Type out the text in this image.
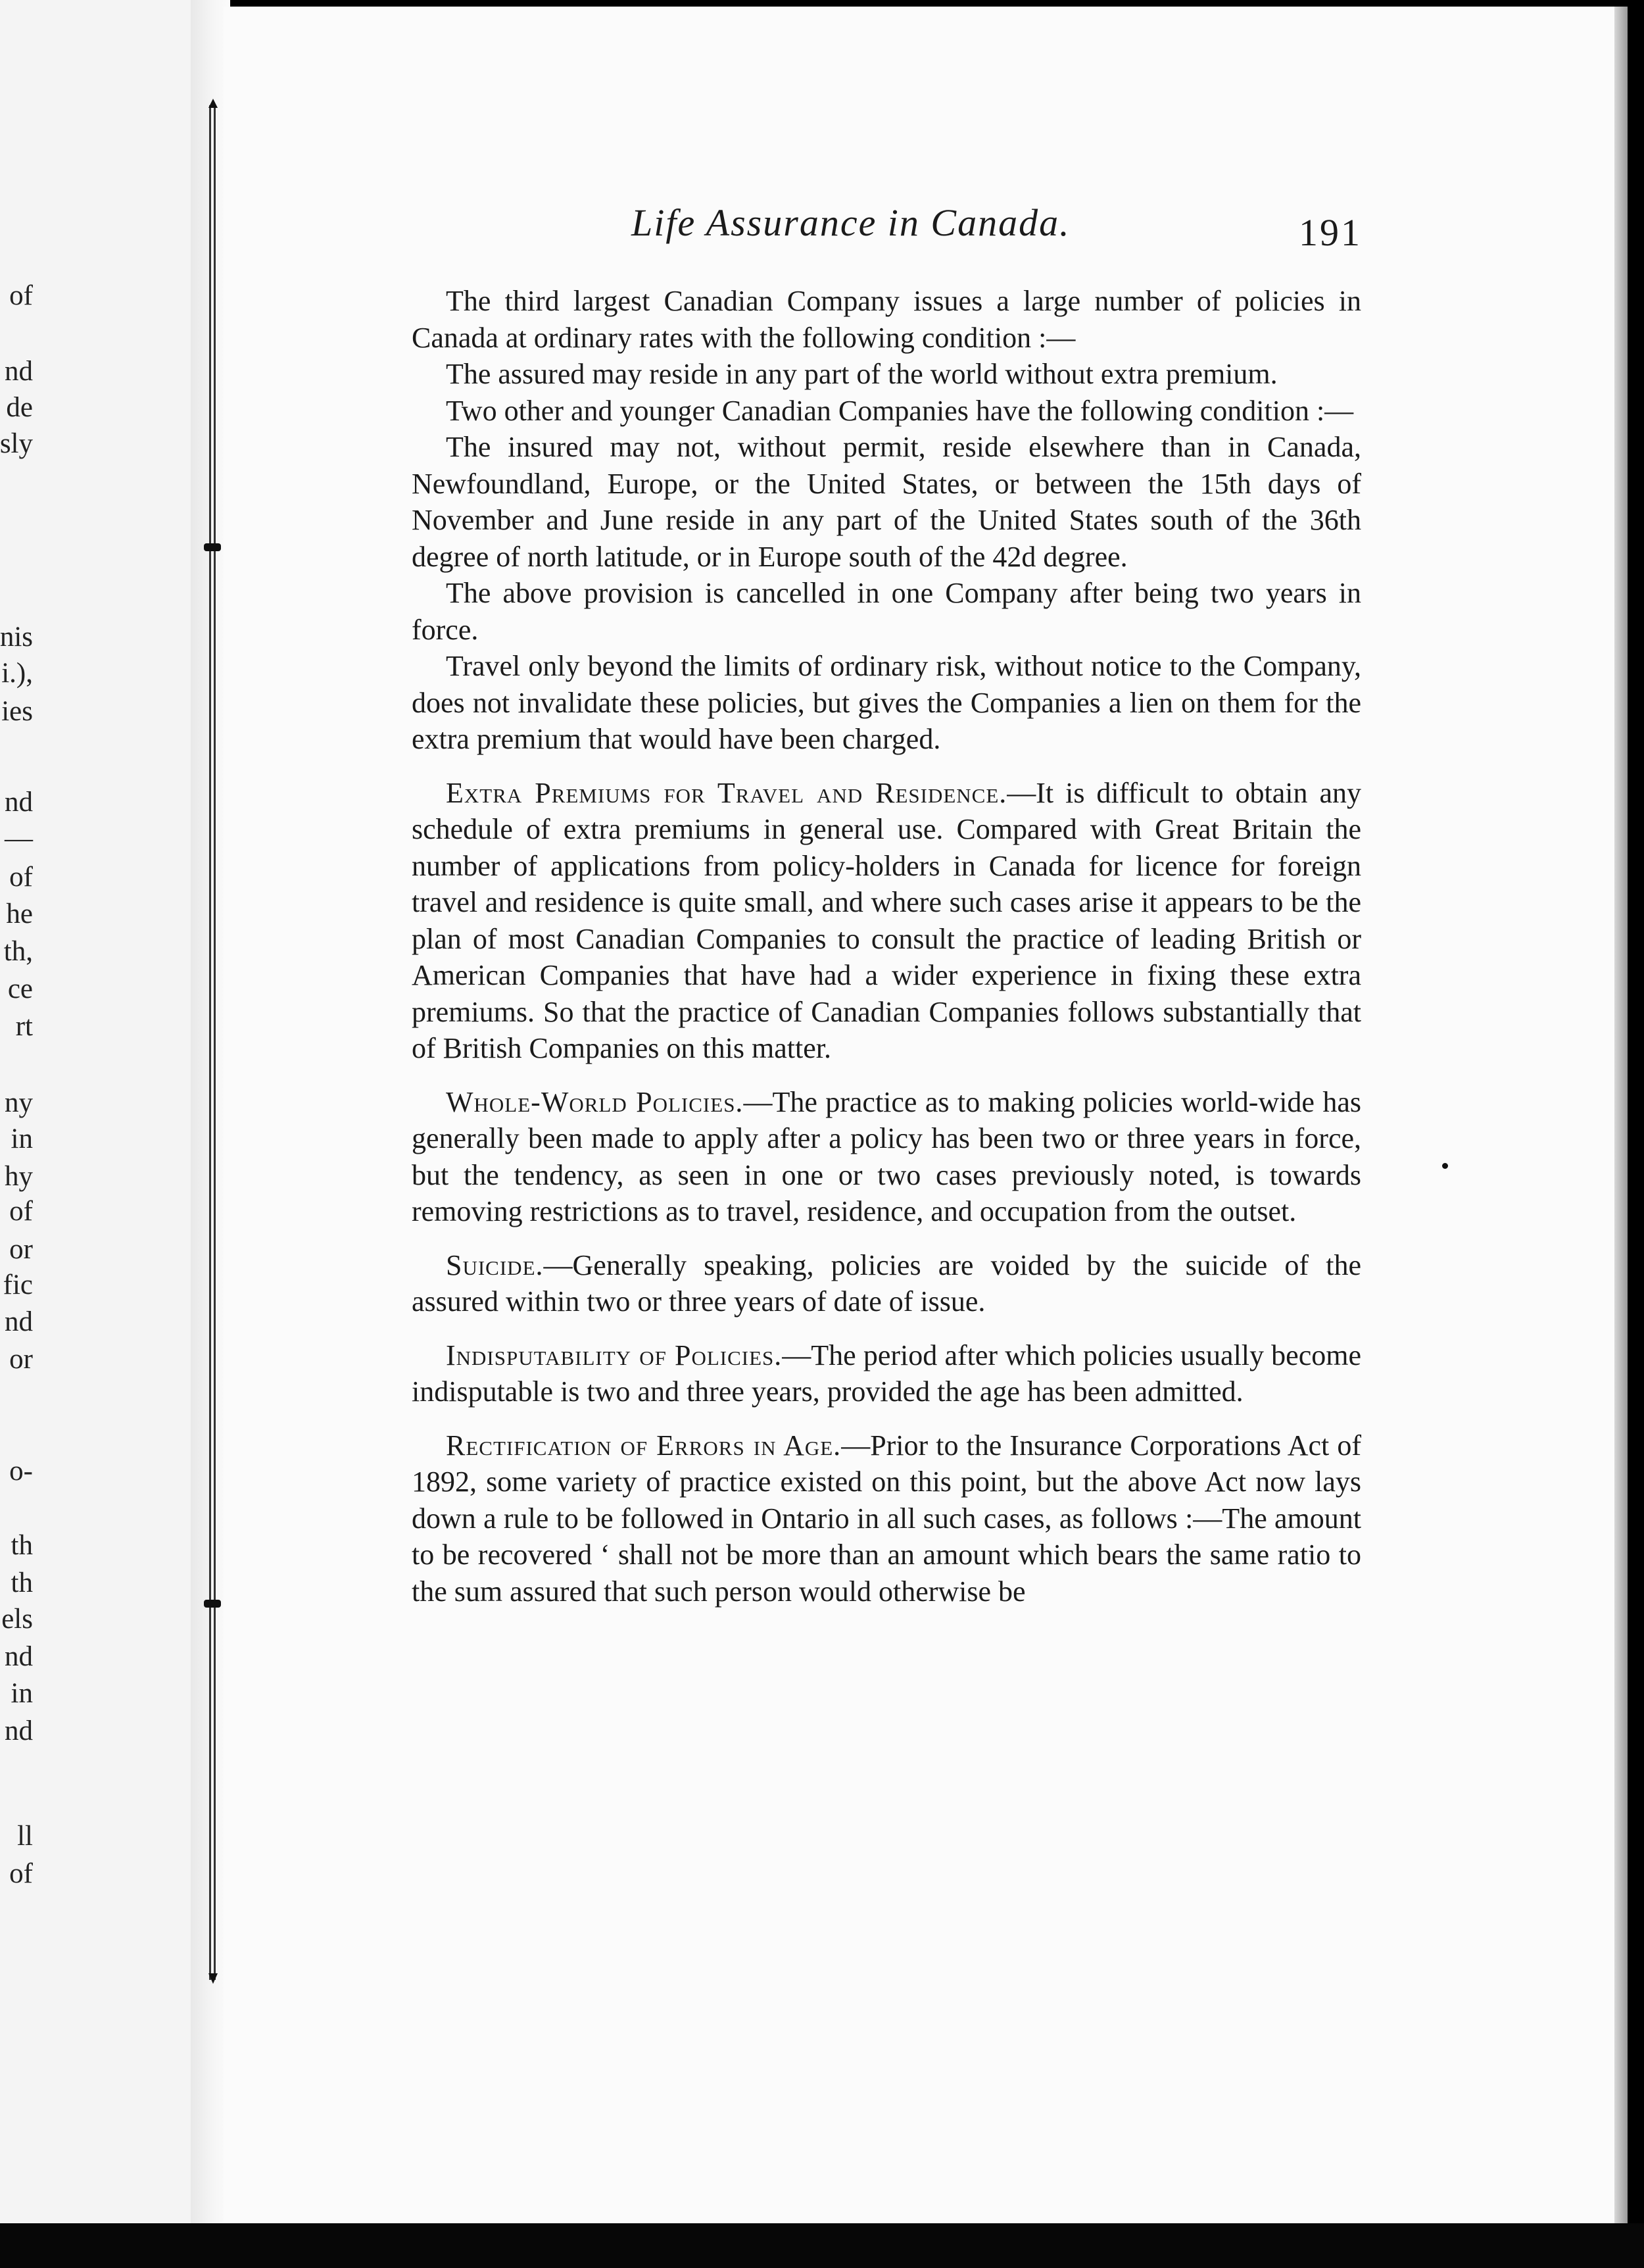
of
nd
de
sly
nis
i.),
ies
nd
—
of
he
th,
ce
rt
ny
in
hy
of
or
fic
nd
or
o-
th
th
els
nd
in
nd
ll
of
Life Assurance in Canada.	191

The third largest Canadian Company issues a large number of policies in Canada at ordinary rates with the following condition :—

The assured may reside in any part of the world without extra premium.

Two other and younger Canadian Companies have the following condition :—

The insured may not, without permit, reside elsewhere than in Canada, Newfoundland, Europe, or the United States, or between the 15th days of November and June reside in any part of the United States south of the 36th degree of north latitude, or in Europe south of the 42d degree.

The above provision is cancelled in one Company after being two years in force.

Travel only beyond the limits of ordinary risk, without notice to the Company, does not invalidate these policies, but gives the Companies a lien on them for the extra premium that would have been charged.

Extra Premiums for Travel and Residence.—It is difficult to obtain any schedule of extra premiums in general use. Compared with Great Britain the number of applications from policy-holders in Canada for licence for foreign travel and residence is quite small, and where such cases arise it appears to be the plan of most Canadian Companies to consult the practice of leading British or American Companies that have had a wider experience in fixing these extra premiums. So that the practice of Canadian Companies follows substantially that of British Companies on this matter.

Whole-World Policies.—The practice as to making policies world-wide has generally been made to apply after a policy has been two or three years in force, but the tendency, as seen in one or two cases previously noted, is towards removing restrictions as to travel, residence, and occupation from the outset.

Suicide.—Generally speaking, policies are voided by the suicide of the assured within two or three years of date of issue.

Indisputability of Policies.—The period after which policies usually become indisputable is two and three years, provided the age has been admitted.

Rectification of Errors in Age.—Prior to the Insurance Corporations Act of 1892, some variety of practice existed on this point, but the above Act now lays down a rule to be followed in Ontario in all such cases, as follows :—The amount to be recovered ‘ shall not be more than an amount which bears the same ratio to the sum assured that such person would otherwise be
